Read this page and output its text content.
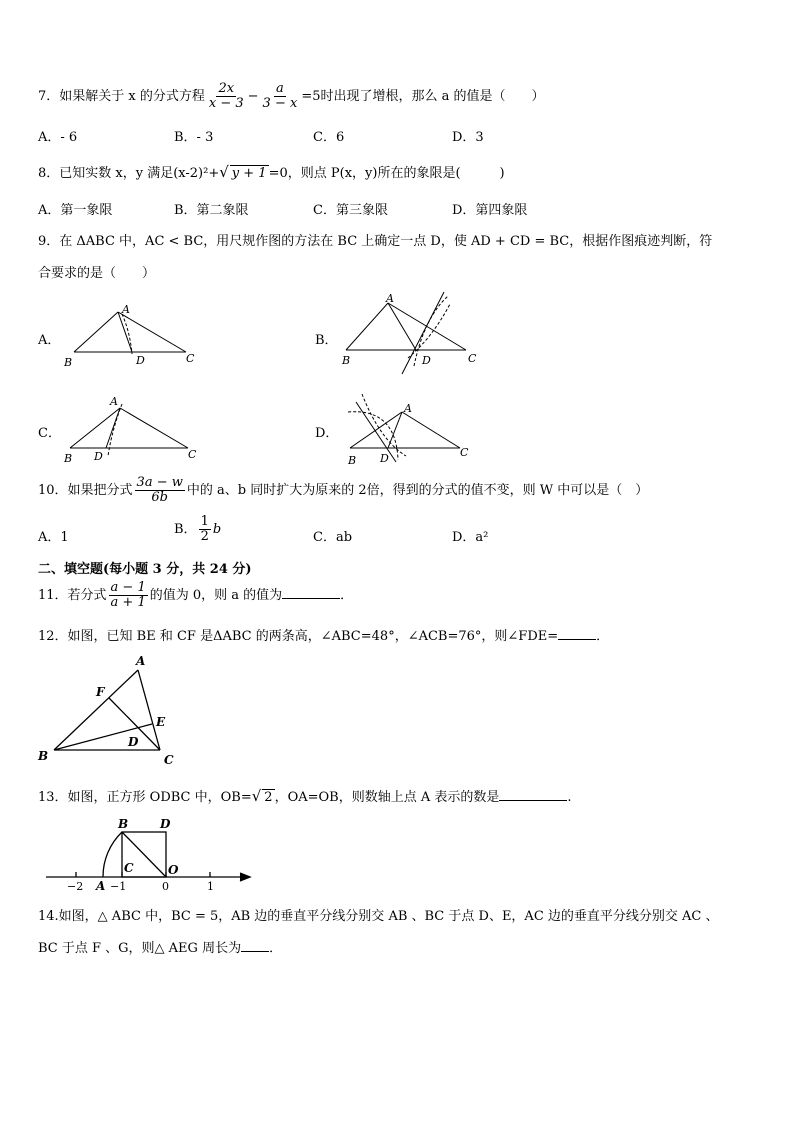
7．如果解关于 x 的分式方程 $\frac{2x}{x - 3} - \frac{a}{3 - x} =5$时出现了增根，那么 a 的值是（　　）
A．- 6	B．- 3	C．6	D．3
8．已知实数 x，y 满足(x-2)²+√ y + 1 =0，则点 P(x，y)所在的象限是(　　　)
A．第一象限	B．第二象限	C．第三象限	D．第四象限
9．在 ΔABC 中，AC < BC，用尺规作图的方法在 BC 上确定一点 D，使 AD + CD = BC，根据作图痕迹判断，符
合要求的是（　　）
A．
A
B	D	C
B．
A
B	D	C
C．
A
B D	C
D．
A
B D	C
10．如果把分式 $\frac{3a - w}{6b}$ 中的 a、b 同时扩大为原来的 2倍，得到的分式的值不变，则 W 中可以是（　）
A．1
B． $\frac{1}{2}$ b
C．ab	D．a²
二、填空题(每小题 3 分，共 24 分)
11．若分式 $\frac{a - 1}{a + 1}$ 的值为 0，则 a 的值为	．
12．如图，已知 BE 和 CF 是ΔABC 的两条高，∠ABC=48°，∠ACB=76°，则∠FDE=	．
A
F
E
D
B	C
13．如图，正方形 ODBC 中，OB=√ 2 ，OA=OB，则数轴上点 A 表示的数是	.
B	D
C	O
A
−2 −1	0	1
14.如图，△ ABC 中，BC = 5，AB 边的垂直平分线分别交 AB 、BC 于点 D、E，AC 边的垂直平分线分别交 AC 、
BC 于点 F 、G，则△ AEG 周长为 ．
